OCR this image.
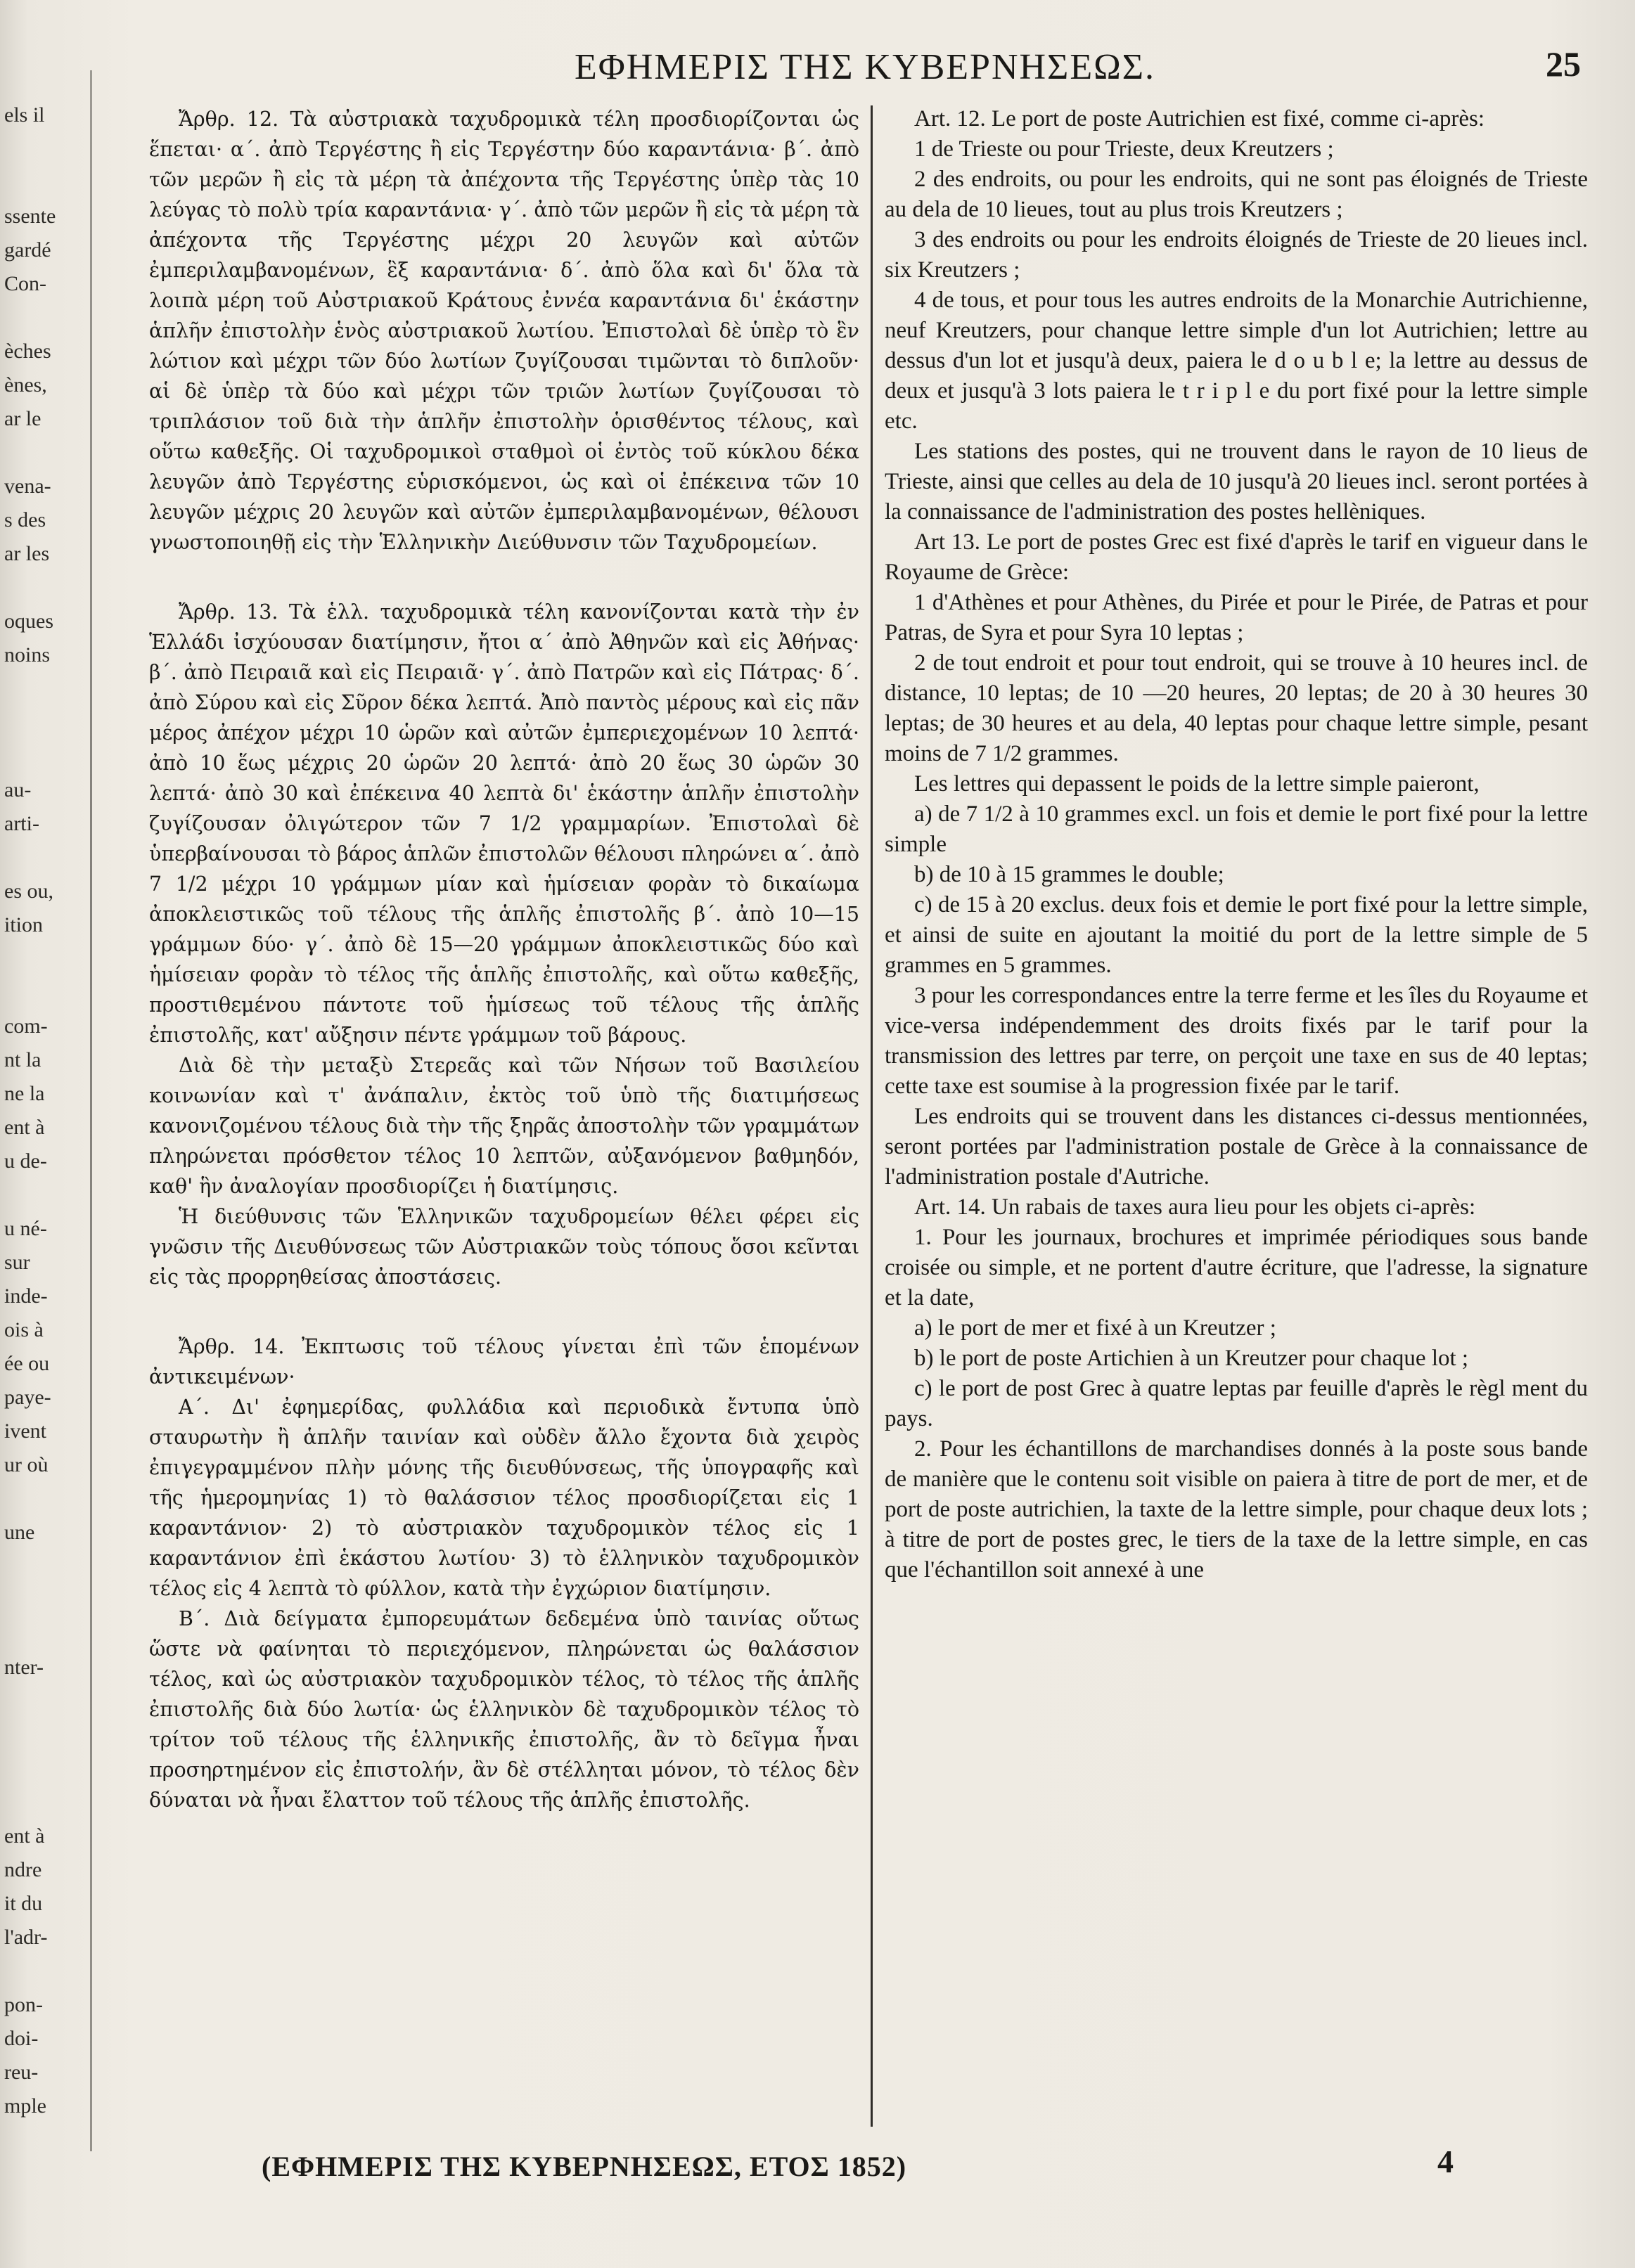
els il
ssente
gardé
Con-
èches
ènes,
ar le
vena-
s des
ar les
oques
noins
au-
arti-
es ou,
ition
com-
nt la
ne la
ent à
u de-
u né-
sur
inde-
ois à
ée ou
paye-
ivent
ur où
une
nter-
ent à
ndre
it du
l'adr-
pon-
doi-
reu-
mple
ΕΦΗΜΕΡΙΣ ΤΗΣ ΚΥΒΕΡΝΗΣΕΩΣ.	25

Ἄρθρ. 12. Τὰ αὐστριακὰ ταχυδρομικὰ τέλη προσδιορίζονται ὡς ἕπεται· α΄. ἀπὸ Τεργέστης ἢ εἰς Τεργέστην δύο καραντάνια· β΄. ἀπὸ τῶν μερῶν ἢ εἰς τὰ μέρη τὰ ἀπέχοντα τῆς Τεργέστης ὑπὲρ τὰς 10 λεύγας τὸ πολὺ τρία καραντάνια· γ΄. ἀπὸ τῶν μερῶν ἢ εἰς τὰ μέρη τὰ ἀπέχοντα τῆς Τεργέστης μέχρι 20 λευγῶν καὶ αὐτῶν ἐμπεριλαμβανομένων, ἓξ καραντάνια· δ΄. ἀπὸ ὅλα καὶ δι' ὅλα τὰ λοιπὰ μέρη τοῦ Αὐστριακοῦ Κράτους ἐννέα καραντάνια δι' ἑκάστην ἁπλῆν ἐπιστολὴν ἑνὸς αὐστριακοῦ λωτίου. Ἐπιστολαὶ δὲ ὑπὲρ τὸ ἓν λώτιον καὶ μέχρι τῶν δύο λωτίων ζυγίζουσαι τιμῶνται τὸ διπλοῦν· αἱ δὲ ὑπὲρ τὰ δύο καὶ μέχρι τῶν τριῶν λωτίων ζυγίζουσαι τὸ τριπλάσιον τοῦ διὰ τὴν ἁπλῆν ἐπιστολὴν ὁρισθέντος τέλους, καὶ οὕτω καθεξῆς. Οἱ ταχυδρομικοὶ σταθμοὶ οἱ ἐντὸς τοῦ κύκλου δέκα λευγῶν ἀπὸ Τεργέστης εὑρισκόμενοι, ὡς καὶ οἱ ἐπέκεινα τῶν 10 λευγῶν μέχρις 20 λευγῶν καὶ αὐτῶν ἐμπεριλαμβανομένων, θέλουσι γνωστοποιηθῇ εἰς τὴν Ἑλληνικὴν Διεύθυνσιν τῶν Ταχυδρομείων.

Ἄρθρ. 13. Τὰ ἑλλ. ταχυδρομικὰ τέλη κανονίζονται κατὰ τὴν ἐν Ἑλλάδι ἰσχύουσαν διατίμησιν, ἤτοι α΄ ἀπὸ Ἀθηνῶν καὶ εἰς Ἀθήνας· β΄. ἀπὸ Πειραιᾶ καὶ εἰς Πειραιᾶ· γ΄. ἀπὸ Πατρῶν καὶ εἰς Πάτρας· δ΄. ἀπὸ Σύρου καὶ εἰς Σῦρον δέκα λεπτά. Ἀπὸ παντὸς μέρους καὶ εἰς πᾶν μέρος ἀπέχον μέχρι 10 ὡρῶν καὶ αὐτῶν ἐμπεριεχομένων 10 λεπτά· ἀπὸ 10 ἕως μέχρις 20 ὡρῶν 20 λεπτά· ἀπὸ 20 ἕως 30 ὡρῶν 30 λεπτά· ἀπὸ 30 καὶ ἐπέκεινα 40 λεπτὰ δι' ἑκάστην ἁπλῆν ἐπιστολὴν ζυγίζουσαν ὀλιγώτερον τῶν 7 1/2 γραμμαρίων. Ἐπιστολαὶ δὲ ὑπερβαίνουσαι τὸ βάρος ἁπλῶν ἐπιστολῶν θέλουσι πληρώνει α΄. ἀπὸ 7 1/2 μέχρι 10 γράμμων μίαν καὶ ἡμίσειαν φορὰν τὸ δικαίωμα ἀποκλειστικῶς τοῦ τέλους τῆς ἁπλῆς ἐπιστολῆς β΄. ἀπὸ 10—15 γράμμων δύο· γ΄. ἀπὸ δὲ 15—20 γράμμων ἀποκλειστικῶς δύο καὶ ἡμίσειαν φορὰν τὸ τέλος τῆς ἁπλῆς ἐπιστολῆς, καὶ οὕτω καθεξῆς, προστιθεμένου πάντοτε τοῦ ἡμίσεως τοῦ τέλους τῆς ἁπλῆς ἐπιστολῆς, κατ' αὔξησιν πέντε γράμμων τοῦ βάρους.

Διὰ δὲ τὴν μεταξὺ Στερεᾶς καὶ τῶν Νήσων τοῦ Βασιλείου κοινωνίαν καὶ τ' ἀνάπαλιν, ἐκτὸς τοῦ ὑπὸ τῆς διατιμήσεως κανονιζομένου τέλους διὰ τὴν τῆς ξηρᾶς ἀποστολὴν τῶν γραμμάτων πληρώνεται πρόσθετον τέλος 10 λεπτῶν, αὐξανόμενον βαθμηδόν, καθ' ἣν ἀναλογίαν προσδιορίζει ἡ διατίμησις.

Ἡ διεύθυνσις τῶν Ἑλληνικῶν ταχυδρομείων θέλει φέρει εἰς γνῶσιν τῆς Διευθύνσεως τῶν Αὐστριακῶν τοὺς τόπους ὅσοι κεῖνται εἰς τὰς προρρηθείσας ἀποστάσεις.

Ἄρθρ. 14. Ἐκπτωσις τοῦ τέλους γίνεται ἐπὶ τῶν ἑπομένων ἀντικειμένων·

Α΄. Δι' ἐφημερίδας, φυλλάδια καὶ περιοδικὰ ἔντυπα ὑπὸ σταυρωτὴν ἢ ἁπλῆν ταινίαν καὶ οὐδὲν ἄλλο ἔχοντα διὰ χειρὸς ἐπιγεγραμμένον πλὴν μόνης τῆς διευθύνσεως, τῆς ὑπογραφῆς καὶ τῆς ἡμερομηνίας 1) τὸ θαλάσσιον τέλος προσδιορίζεται εἰς 1 καραντάνιον· 2) τὸ αὐστριακὸν ταχυδρομικὸν τέλος εἰς 1 καραντάνιον ἐπὶ ἑκάστου λωτίου· 3) τὸ ἑλληνικὸν ταχυδρομικὸν τέλος εἰς 4 λεπτὰ τὸ φύλλον, κατὰ τὴν ἐγχώριον διατίμησιν.

Β΄. Διὰ δείγματα ἐμπορευμάτων δεδεμένα ὑπὸ ταινίας οὕτως ὥστε νὰ φαίνηται τὸ περιεχόμενον, πληρώνεται ὡς θαλάσσιον τέλος, καὶ ὡς αὐστριακὸν ταχυδρομικὸν τέλος, τὸ τέλος τῆς ἁπλῆς ἐπιστολῆς διὰ δύο λωτία· ὡς ἑλληνικὸν δὲ ταχυδρομικὸν τέλος τὸ τρίτον τοῦ τέλους τῆς ἑλληνικῆς ἐπιστολῆς, ἂν τὸ δεῖγμα ἦναι προσηρτημένον εἰς ἐπιστολήν, ἂν δὲ στέλληται μόνον, τὸ τέλος δὲν δύναται νὰ ἦναι ἔλαττον τοῦ τέλους τῆς ἁπλῆς ἐπιστολῆς.

Art. 12. Le port de poste Autrichien est fixé, comme ci-après:

1 de Trieste ou pour Trieste, deux Kreutzers ;

2 des endroits, ou pour les endroits, qui ne sont pas éloignés de Trieste au dela de 10 lieues, tout au plus trois Kreutzers ;

3 des endroits ou pour les endroits éloignés de Trieste de 20 lieues incl. six Kreutzers ;

4 de tous, et pour tous les autres endroits de la Monarchie Autrichienne, neuf Kreutzers, pour chanque lettre simple d'un lot Autrichien; lettre au dessus d'un lot et jusqu'à deux, paiera le d o u b l e; la lettre au dessus de deux et jusqu'à 3 lots paiera le t r i p l e du port fixé pour la lettre simple etc.

Les stations des postes, qui ne trouvent dans le rayon de 10 lieus de Trieste, ainsi que celles au dela de 10 jusqu'à 20 lieues incl. seront portées à la connaissance de l'administration des postes hellèniques.

Art 13. Le port de postes Grec est fixé d'après le tarif en vigueur dans le Royaume de Grèce:

1 d'Athènes et pour Athènes, du Pirée et pour le Pirée, de Patras et pour Patras, de Syra et pour Syra 10 leptas ;

2 de tout endroit et pour tout endroit, qui se trouve à 10 heures incl. de distance, 10 leptas; de 10 —20 heures, 20 leptas; de 20 à 30 heures 30 leptas; de 30 heures et au dela, 40 leptas pour chaque lettre simple, pesant moins de 7 1/2 grammes.

Les lettres qui depassent le poids de la lettre simple paieront,

a) de 7 1/2 à 10 grammes excl. un fois et demie le port fixé pour la lettre simple

b) de 10 à 15 grammes le double;

c) de 15 à 20 exclus. deux fois et demie le port fixé pour la lettre simple, et ainsi de suite en ajoutant la moitié du port de la lettre simple de 5 grammes en 5 grammes.

3 pour les correspondances entre la terre ferme et les îles du Royaume et vice-versa indépendemment des droits fixés par le tarif pour la transmission des lettres par terre, on perçoit une taxe en sus de 40 leptas; cette taxe est soumise à la progression fixée par le tarif.

Les endroits qui se trouvent dans les distances ci-dessus mentionnées, seront portées par l'administration postale de Grèce à la connaissance de l'administration postale d'Autriche.

Art. 14. Un rabais de taxes aura lieu pour les objets ci-après:

1. Pour les journaux, brochures et imprimée périodiques sous bande croisée ou simple, et ne portent d'autre écriture, que l'adresse, la signature et la date,

a) le port de mer et fixé à un Kreutzer ;

b) le port de poste Artichien à un Kreutzer pour chaque lot ;

c) le port de post Grec à quatre leptas par feuille d'après le règl ment du pays.

2. Pour les échantillons de marchandises donnés à la poste sous bande de manière que le contenu soit visible on paiera à titre de port de mer, et de port de poste autrichien, la taxte de la lettre simple, pour chaque deux lots ; à titre de port de postes grec, le tiers de la taxe de la lettre simple, en cas que l'échantillon soit annexé à une

(ΕΦΗΜΕΡΙΣ ΤΗΣ ΚΥΒΕΡΝΗΣΕΩΣ, ΕΤΟΣ 1852)	4
